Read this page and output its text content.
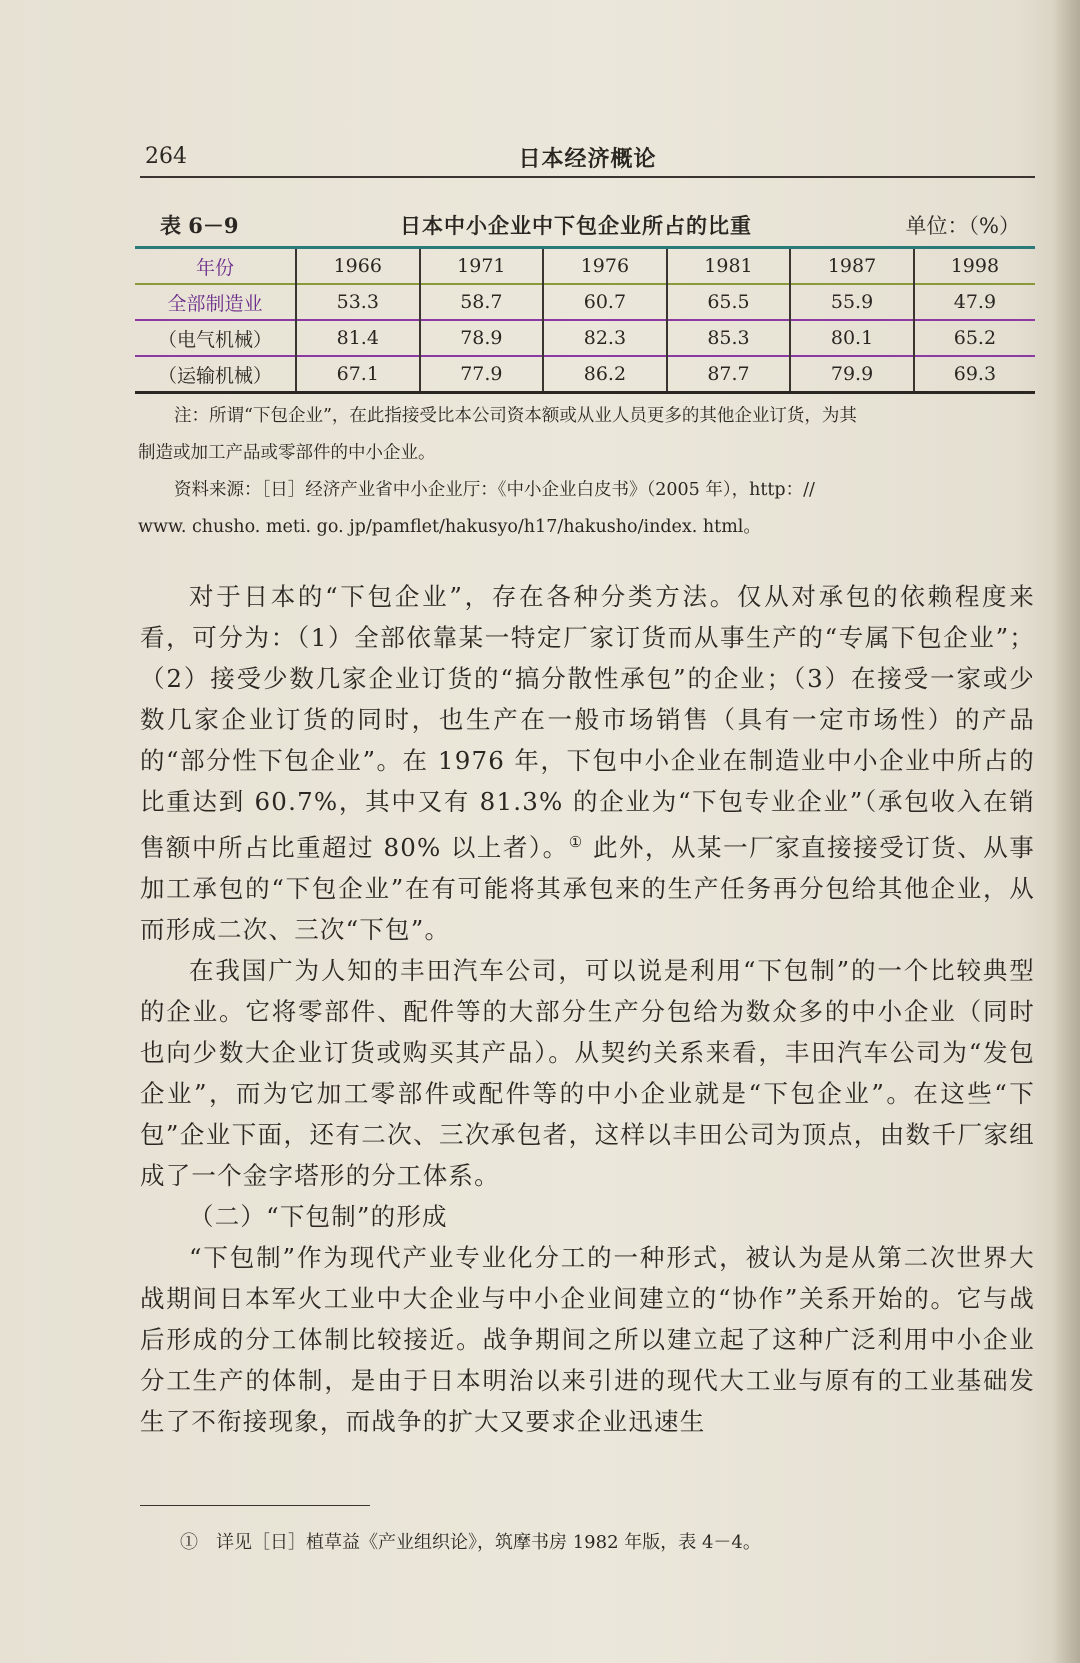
264	日本经济概论
表 6－9	日本中小企业中下包企业所占的比重	单位：（%）
年份	1966	1971	1976	1981	1987	1998
全部制造业	53.3	58.7	60.7	65.5	55.9	47.9
（电气机械）	81.4	78.9	82.3	85.3	80.1	65.2
（运输机械）	67.1	77.9	86.2	87.7	79.9	69.3
注：所谓“下包企业”，在此指接受比本公司资本额或从业人员更多的其他企业订货，为其
制造或加工产品或零部件的中小企业。
资料来源：［日］经济产业省中小企业厅：《中小企业白皮书》（2005 年），http：//
www. chusho. meti. go. jp/pamflet/hakusyo/h17/hakusho/index. html。

对于日本的“下包企业”，存在各种分类方法。仅从对承包的依赖程度来看，可分为：（1）全部依靠某一特定厂家订货而从事生产的“专属下包企业”；（2）接受少数几家企业订货的“搞分散性承包”的企业；（3）在接受一家或少数几家企业订货的同时，也生产在一般市场销售（具有一定市场性）的产品的“部分性下包企业”。在 1976 年，下包中小企业在制造业中小企业中所占的比重达到 60.7%，其中又有 81.3% 的企业为“下包专业企业”（承包收入在销售额中所占比重超过 80% 以上者）。① 此外，从某一厂家直接接受订货、从事加工承包的“下包企业”在有可能将其承包来的生产任务再分包给其他企业，从而形成二次、三次“下包”。

在我国广为人知的丰田汽车公司，可以说是利用“下包制”的一个比较典型的企业。它将零部件、配件等的大部分生产分包给为数众多的中小企业（同时也向少数大企业订货或购买其产品）。从契约关系来看，丰田汽车公司为“发包企业”，而为它加工零部件或配件等的中小企业就是“下包企业”。在这些“下包”企业下面，还有二次、三次承包者，这样以丰田公司为顶点，由数千厂家组成了一个金字塔形的分工体系。

（二）“下包制”的形成

“下包制”作为现代产业专业化分工的一种形式，被认为是从第二次世界大战期间日本军火工业中大企业与中小企业间建立的“协作”关系开始的。它与战后形成的分工体制比较接近。战争期间之所以建立起了这种广泛利用中小企业分工生产的体制，是由于日本明治以来引进的现代大工业与原有的工业基础发生了不衔接现象，而战争的扩大又要求企业迅速生

①　详见［日］植草益《产业组织论》，筑摩书房 1982 年版，表 4－4。
